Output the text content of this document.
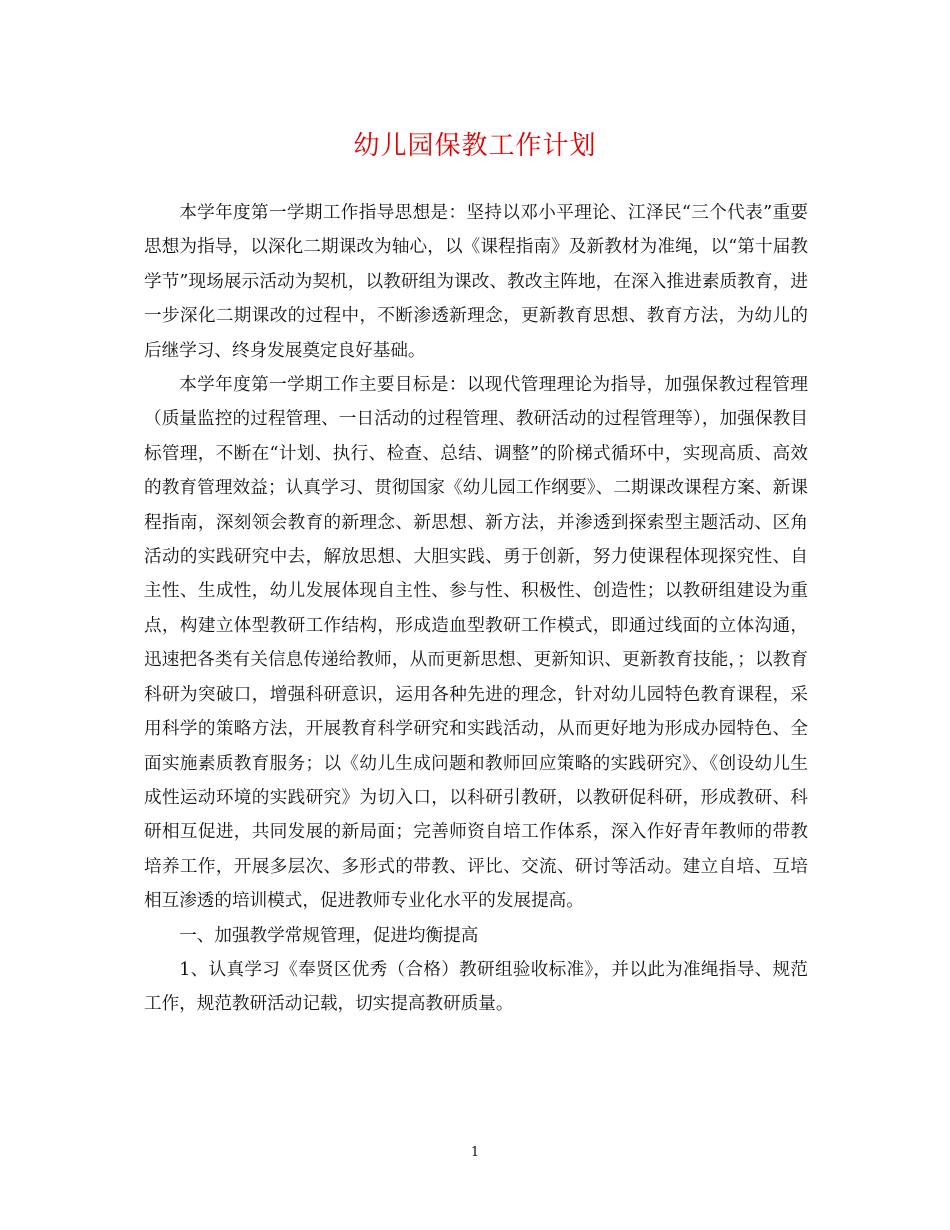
幼儿园保教工作计划

本学年度第一学期工作指导思想是：坚持以邓小平理论、江泽民“三个代表”重要思想为指导，以深化二期课改为轴心，以《课程指南》及新教材为准绳，以“第十届教学节”现场展示活动为契机，以教研组为课改、教改主阵地，在深入推进素质教育，进一步深化二期课改的过程中，不断渗透新理念，更新教育思想、教育方法，为幼儿的后继学习、终身发展奠定良好基础。

本学年度第一学期工作主要目标是：以现代管理理论为指导，加强保教过程管理（质量监控的过程管理、一日活动的过程管理、教研活动的过程管理等），加强保教目标管理，不断在“计划、执行、检查、总结、调整”的阶梯式循环中，实现高质、高效的教育管理效益；认真学习、贯彻国家《幼儿园工作纲要》、二期课改课程方案、新课程指南，深刻领会教育的新理念、新思想、新方法，并渗透到探索型主题活动、区角活动的实践研究中去，解放思想、大胆实践、勇于创新，努力使课程体现探究性、自主性、生成性，幼儿发展体现自主性、参与性、积极性、创造性；以教研组建设为重点，构建立体型教研工作结构，形成造血型教研工作模式，即通过线面的立体沟通，迅速把各类有关信息传递给教师，从而更新思想、更新知识、更新教育技能，；以教育科研为突破口，增强科研意识，运用各种先进的理念，针对幼儿园特色教育课程，采用科学的策略方法，开展教育科学研究和实践活动，从而更好地为形成办园特色、全面实施素质教育服务；以《幼儿生成问题和教师回应策略的实践研究》、《创设幼儿生成性运动环境的实践研究》为切入口，以科研引教研，以教研促科研，形成教研、科研相互促进，共同发展的新局面；完善师资自培工作体系，深入作好青年教师的带教培养工作，开展多层次、多形式的带教、评比、交流、研讨等活动。建立自培、互培相互渗透的培训模式，促进教师专业化水平的发展提高。

一、加强教学常规管理，促进均衡提高

1、认真学习《奉贤区优秀（合格）教研组验收标准》，并以此为准绳指导、规范工作，规范教研活动记载，切实提高教研质量。

1
